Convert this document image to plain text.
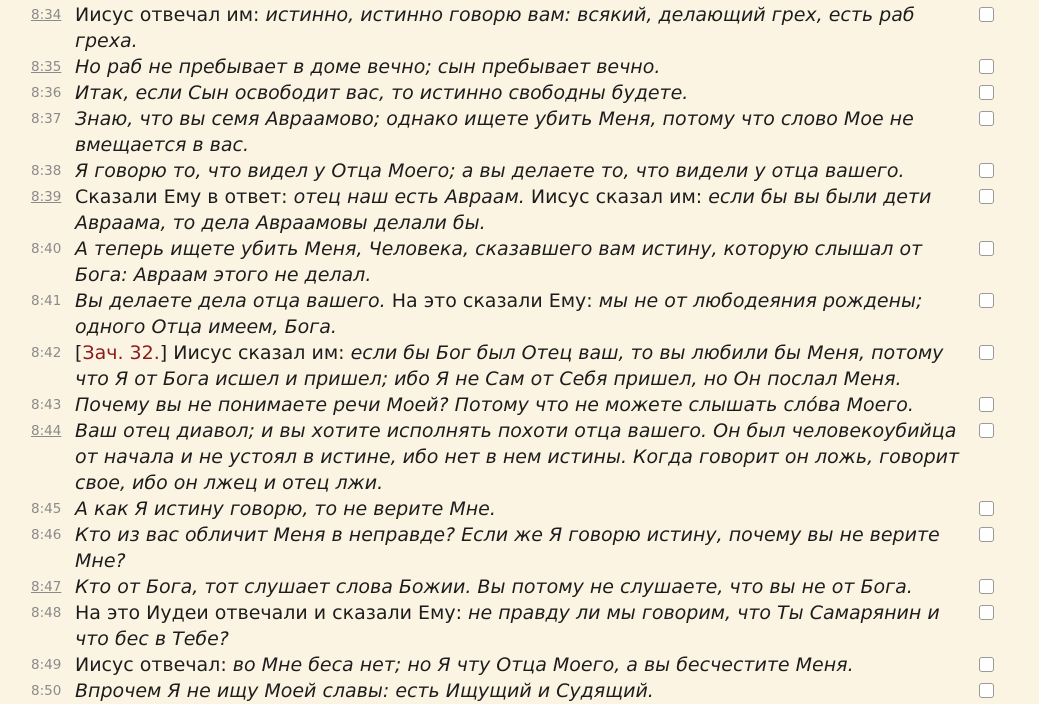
8:34 Иисус отвечал им: истинно, истинно говорю вам: всякий, делающий грех, есть раб греха.
8:35 Но раб не пребывает в доме вечно; сын пребывает вечно.
8:36 Итак, если Сын освободит вас, то истинно свободны будете.
8:37 Знаю, что вы семя Авраамово; однако ищете убить Меня, потому что слово Мое не вмещается в вас.
8:38 Я говорю то, что видел у Отца Моего; а вы делаете то, что видели у отца вашего.
8:39 Сказали Ему в ответ: отец наш есть Авраам. Иисус сказал им: если бы вы были дети Авраама, то дела Авраамовы делали бы.
8:40 А теперь ищете убить Меня, Человека, сказавшего вам истину, которую слышал от Бога: Авраам этого не делал.
8:41 Вы делаете дела отца вашего. На это сказали Ему: мы не от любодеяния рождены; одного Отца имеем, Бога.
8:42 [Зач. 32.] Иисус сказал им: если бы Бог был Отец ваш, то вы любили бы Меня, потому что Я от Бога исшел и пришел; ибо Я не Сам от Себя пришел, но Он послал Меня.
8:43 Почему вы не понимаете речи Моей? Потому что не можете слышать сло́ва Моего.
8:44 Ваш отец диавол; и вы хотите исполнять похоти отца вашего. Он был человекоубийца от начала и не устоял в истине, ибо нет в нем истины. Когда говорит он ложь, говорит свое, ибо он лжец и отец лжи.
8:45 А как Я истину говорю, то не верите Мне.
8:46 Кто из вас обличит Меня в неправде? Если же Я говорю истину, почему вы не верите Мне?
8:47 Кто от Бога, тот слушает слова Божии. Вы потому не слушаете, что вы не от Бога.
8:48 На это Иудеи отвечали и сказали Ему: не правду ли мы говорим, что Ты Самарянин и что бес в Тебе?
8:49 Иисус отвечал: во Мне беса нет; но Я чту Отца Моего, а вы бесчестите Меня.
8:50 Впрочем Я не ищу Моей славы: есть Ищущий и Судящий.
